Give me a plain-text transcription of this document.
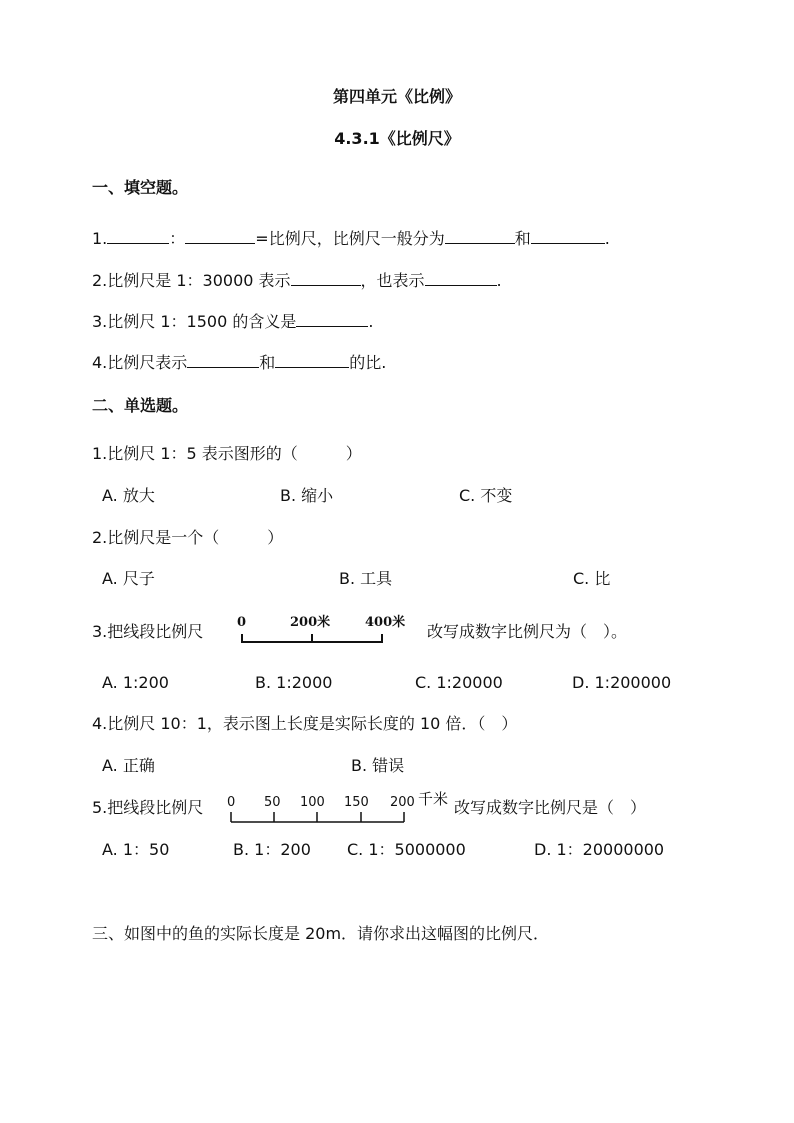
第四单元《比例》
4.3.1《比例尺》
一、填空题。
1.	：	=比例尺，比例尺一般分为	和	.
2.比例尺是 1：30000 表示	，也表示	.
3.比例尺 1：1500 的含义是	.
4.比例尺表示	和	的比.
二、单选题。
1.比例尺 1：5 表示图形的（　　　）
A. 放大	B. 缩小	C. 不变
2.比例尺是一个（　　　）
A. 尺子	B. 工具	C. 比
3.把线段比例尺	0	200米	400米 改写成数字比例尺为（　）。
A. 1:200	B. 1:2000	C. 1:20000	D. 1:200000
4.比例尺 10：1，表示图上长度是实际长度的 10 倍．（　）
A. 正确	B. 错误
5.把线段比例尺 0 50 100 150 200 千米 改写成数字比例尺是（　）
A. 1：50	B. 1：200 C. 1：5000000	D. 1：20000000
三、如图中的鱼的实际长度是 20m．请你求出这幅图的比例尺．
